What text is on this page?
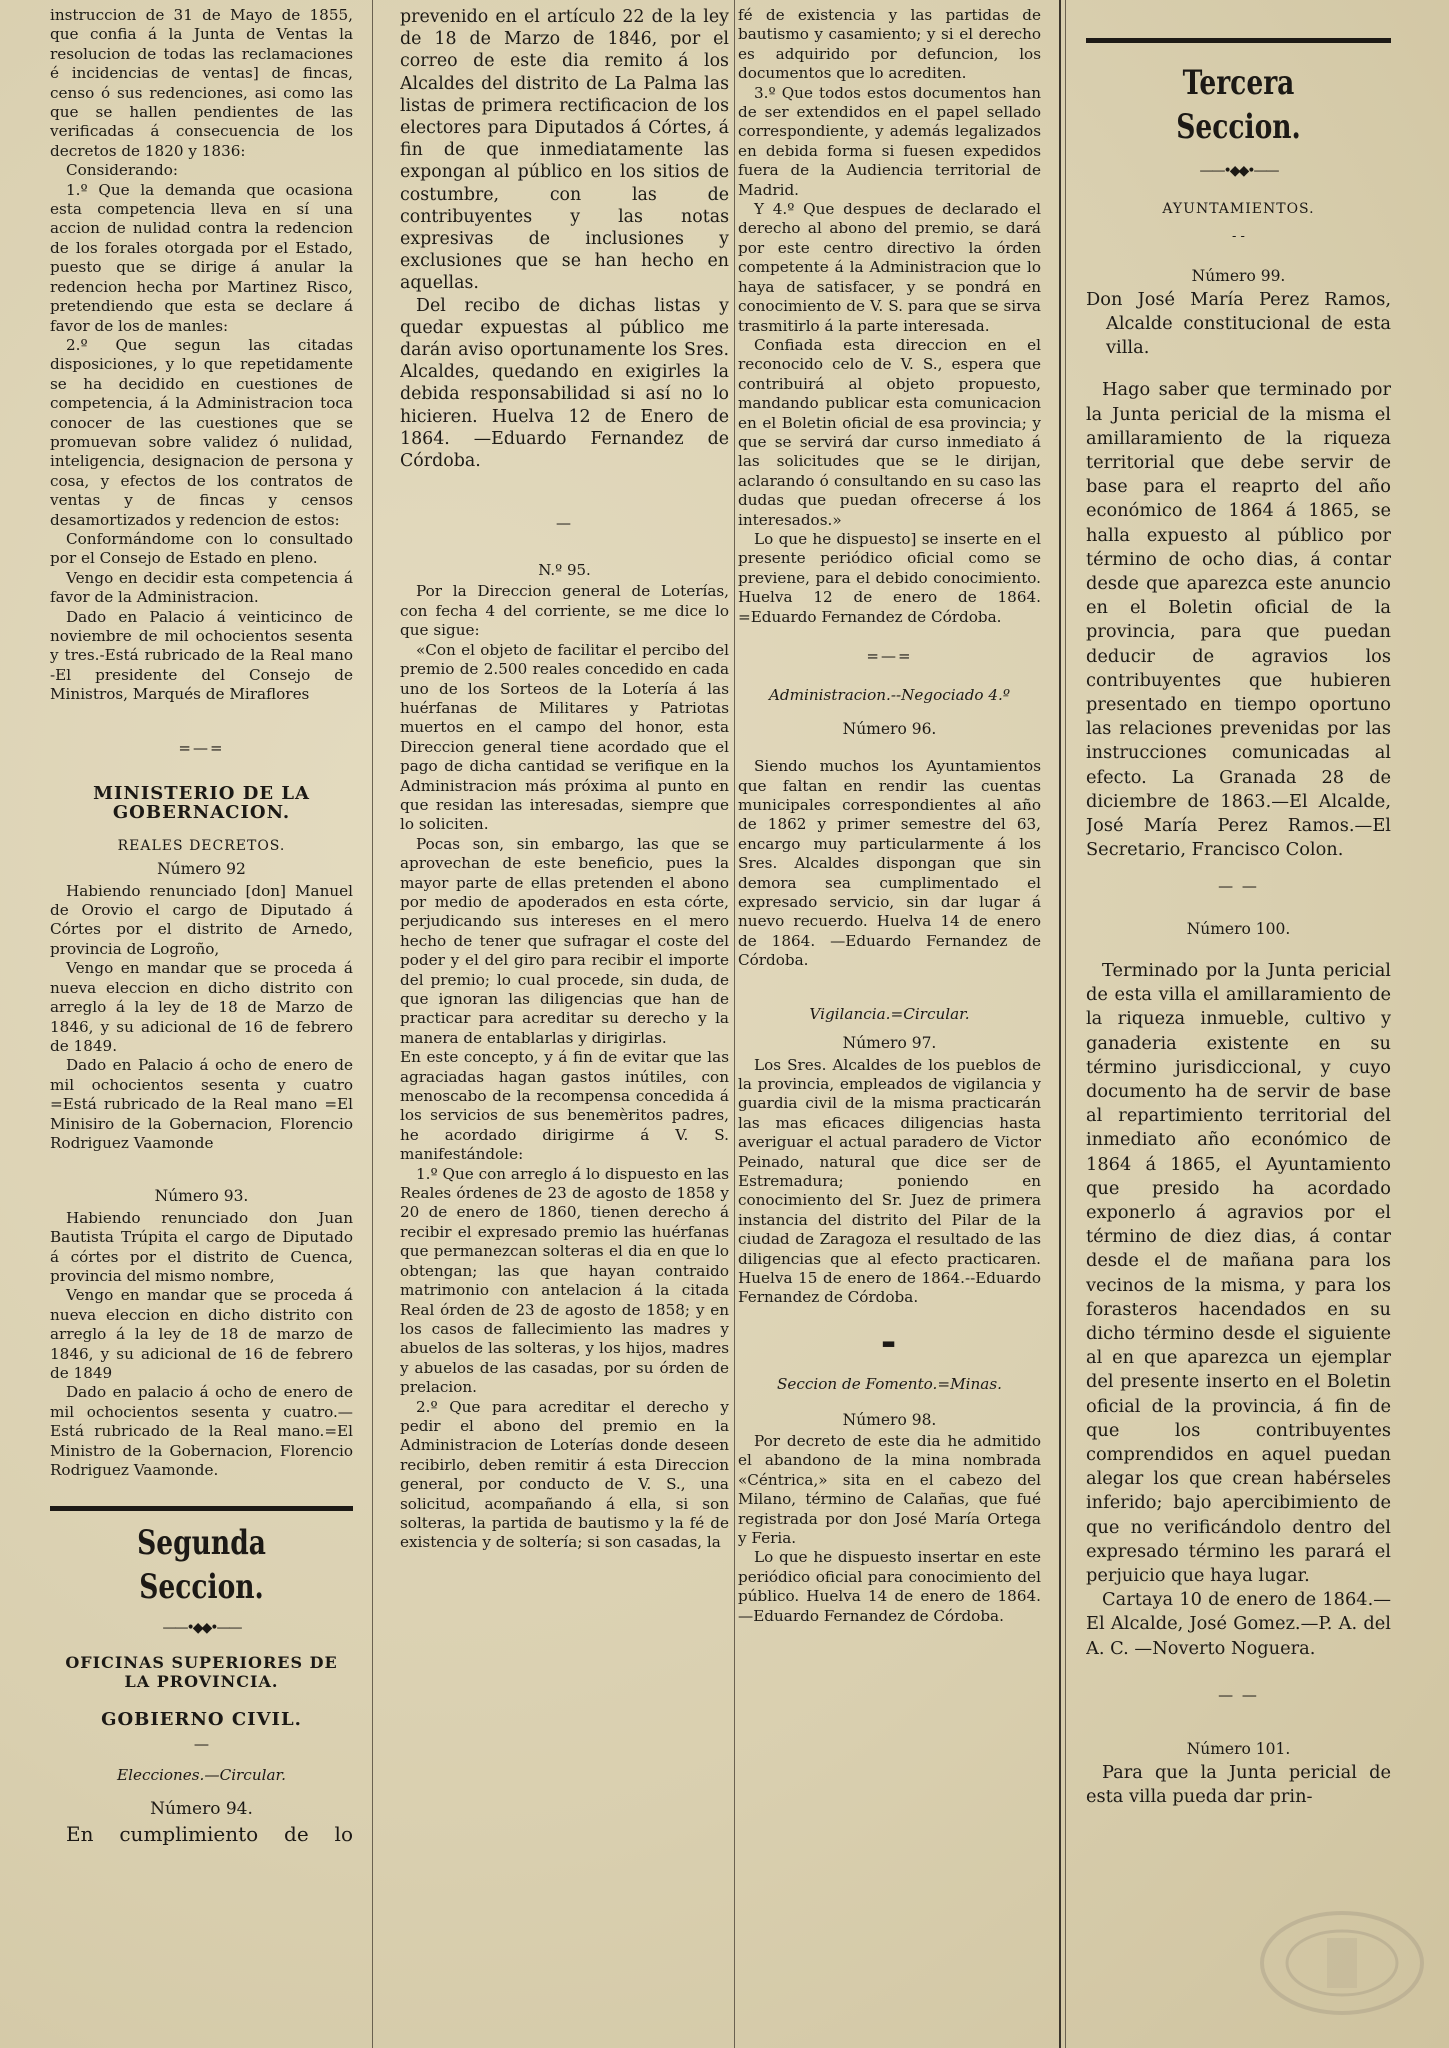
instruccion de 31 de Mayo de 1855, que confia á la Junta de Ventas la resolucion de todas las reclamaciones é incidencias de ventas] de fincas, censo ó sus redenciones, asi como las que se hallen pendientes de las verificadas á consecuencia de los decretos de 1820 y 1836:

Considerando:

1.º Que la demanda que ocasiona esta competencia lleva en sí una accion de nulidad contra la redencion de los forales otorgada por el Estado, puesto que se dirige á anular la redencion hecha por Martinez Risco, pretendiendo que esta se declare á favor de los de manles:

2.º Que segun las citadas disposiciones, y lo que repetidamente se ha decidido en cuestiones de competencia, á la Administracion toca conocer de las cuestiones que se promuevan sobre validez ó nulidad, inteligencia, designacion de persona y cosa, y efectos de los contratos de ventas y de fincas y censos desamortizados y redencion de estos:

Conformándome con lo consultado por el Consejo de Estado en pleno.

Vengo en decidir esta competencia á favor de la Administracion.

Dado en Palacio á veinticinco de noviembre de mil ochocientos sesenta y tres.-Está rubricado de la Real mano -El presidente del Consejo de Ministros, Marqués de Miraflores

=—=
MINISTERIO DE LA GOBERNACION.
REALES DECRETOS.
Número 92

Habiendo renunciado [don] Manuel de Orovio el cargo de Diputado á Córtes por el distrito de Arnedo, provincia de Logroño,

Vengo en mandar que se proceda á nueva eleccion en dicho distrito con arreglo á la ley de 18 de Marzo de 1846, y su adicional de 16 de febrero de 1849.

Dado en Palacio á ocho de enero de mil ochocientos sesenta y cuatro =Está rubricado de la Real mano =El Minisiro de la Gobernacion, Florencio Rodriguez Vaamonde

Número 93.

Habiendo renunciado don Juan Bautista Trúpita el cargo de Diputado á córtes por el distrito de Cuenca, provincia del mismo nombre,

Vengo en mandar que se proceda á nueva eleccion en dicho distrito con arreglo á la ley de 18 de marzo de 1846, y su adicional de 16 de febrero de 1849

Dado en palacio á ocho de enero de mil ochocientos sesenta y cuatro.—Está rubricado de la Real mano.=El Ministro de la Gobernacion, Florencio Rodriguez Vaamonde.

Segunda Seccion.
——•◆◆•——
OFICINAS SUPERIORES DE LA PROVINCIA.
GOBIERNO CIVIL.
—
Elecciones.—Circular.
Número 94.

En cumplimiento de lo

prevenido en el artículo 22 de la ley de 18 de Marzo de 1846, por el correo de este dia remito á los Alcaldes del distrito de La Palma las listas de primera rectificacion de los electores para Diputados á Córtes, á fin de que inmediatamente las expongan al público en los sitios de costumbre, con las de contribuyentes y las notas expresivas de inclusiones y exclusiones que se han hecho en aquellas.

Del recibo de dichas listas y quedar expuestas al público me darán aviso oportunamente los Sres. Alcaldes, quedando en exigirles la debida responsabilidad si así no lo hicieren. Huelva 12 de Enero de 1864. —Eduardo Fernandez de Córdoba.

—
N.º 95.

Por la Direccion general de Loterías, con fecha 4 del corriente, se me dice lo que sigue:

«Con el objeto de facilitar el percibo del premio de 2.500 reales concedido en cada uno de los Sorteos de la Lotería á las huérfanas de Militares y Patriotas muertos en el campo del honor, esta Direccion general tiene acordado que el pago de dicha cantidad se verifique en la Administracion más próxima al punto en que residan las interesadas, siempre que lo soliciten.

Pocas son, sin embargo, las que se aprovechan de este beneficio, pues la mayor parte de ellas pretenden el abono por medio de apoderados en esta córte, perjudicando sus intereses en el mero hecho de tener que sufragar el coste del poder y el del giro para recibir el importe del premio; lo cual procede, sin duda, de que ignoran las diligencias que han de practicar para acreditar su derecho y la manera de entablarlas y dirigirlas.

En este concepto, y á fin de evitar que las agraciadas hagan gastos inútiles, con menoscabo de la recompensa concedida á los servicios de sus benemèritos padres, he acordado dirigirme á V. S. manifestándole:

1.º Que con arreglo á lo dispuesto en las Reales órdenes de 23 de agosto de 1858 y 20 de enero de 1860, tienen derecho á recibir el expresado premio las huérfanas que permanezcan solteras el dia en que lo obtengan; las que hayan contraido matrimonio con antelacion á la citada Real órden de 23 de agosto de 1858; y en los casos de fallecimiento las madres y abuelos de las solteras, y los hijos, madres y abuelos de las casadas, por su órden de prelacion.

2.º Que para acreditar el derecho y pedir el abono del premio en la Administracion de Loterías donde deseen recibirlo, deben remitir á esta Direccion general, por conducto de V. S., una solicitud, acompañando á ella, si son solteras, la partida de bautismo y la fé de existencia y de soltería; si son casadas, la

fé de existencia y las partidas de bautismo y casamiento; y si el derecho es adquirido por defuncion, los documentos que lo acrediten.

3.º Que todos estos documentos han de ser extendidos en el papel sellado correspondiente, y además legalizados en debida forma si fuesen expedidos fuera de la Audiencia territorial de Madrid.

Y 4.º Que despues de declarado el derecho al abono del premio, se dará por este centro directivo la órden competente á la Administracion que lo haya de satisfacer, y se pondrá en conocimiento de V. S. para que se sirva trasmitirlo á la parte interesada.

Confiada esta direccion en el reconocido celo de V. S., espera que contribuirá al objeto propuesto, mandando publicar esta comunicacion en el Boletin oficial de esa provincia; y que se servirá dar curso inmediato á las solicitudes que se le dirijan, aclarando ó consultando en su caso las dudas que puedan ofrecerse á los interesados.»

Lo que he dispuesto] se inserte en el presente periódico oficial como se previene, para el debido conocimiento. Huelva 12 de enero de 1864. =Eduardo Fernandez de Córdoba.

=—=
Administracion.--Negociado 4.º
Número 96.

Siendo muchos los Ayuntamientos que faltan en rendir las cuentas municipales correspondientes al año de 1862 y primer semestre del 63, encargo muy particularmente á los Sres. Alcaldes dispongan que sin demora sea cumplimentado el expresado servicio, sin dar lugar á nuevo recuerdo. Huelva 14 de enero de 1864. —Eduardo Fernandez de Córdoba.

Vigilancia.=Circular.
Número 97.

Los Sres. Alcaldes de los pueblos de la provincia, empleados de vigilancia y guardia civil de la misma practicarán las mas eficaces diligencias hasta averiguar el actual paradero de Victor Peinado, natural que dice ser de Estremadura; poniendo en conocimiento del Sr. Juez de primera instancia del distrito del Pilar de la ciudad de Zaragoza el resultado de las diligencias que al efecto practicaren. Huelva 15 de enero de 1864.--Eduardo Fernandez de Córdoba.

▬
Seccion de Fomento.=Minas.
Número 98.

Por decreto de este dia he admitido el abandono de la mina nombrada «Céntrica,» sita en el cabezo del Milano, término de Calañas, que fué registrada por don José María Ortega y Feria.

Lo que he dispuesto insertar en este periódico oficial para conocimiento del público. Huelva 14 de enero de 1864. —Eduardo Fernandez de Córdoba.

Tercera Seccion.
——•◆◆•——
AYUNTAMIENTOS.
- -
Número 99.

Don José María Perez Ramos, Alcalde constitucional de esta villa.

Hago saber que terminado por la Junta pericial de la misma el amillaramiento de la riqueza territorial que debe servir de base para el reaprto del año económico de 1864 á 1865, se halla expuesto al público por término de ocho dias, á contar desde que aparezca este anuncio en el Boletin oficial de la provincia, para que puedan deducir de agravios los contribuyentes que hubieren presentado en tiempo oportuno las relaciones prevenidas por las instrucciones comunicadas al efecto. La Granada 28 de diciembre de 1863.—El Alcalde, José María Perez Ramos.—El Secretario, Francisco Colon.

— —
Número 100.

Terminado por la Junta pericial de esta villa el amillaramiento de la riqueza inmueble, cultivo y ganaderia existente en su término jurisdiccional, y cuyo documento ha de servir de base al repartimiento territorial del inmediato año económico de 1864 á 1865, el Ayuntamiento que presido ha acordado exponerlo á agravios por el término de diez dias, á contar desde el de mañana para los vecinos de la misma, y para los forasteros hacendados en su dicho término desde el siguiente al en que aparezca un ejemplar del presente inserto en el Boletin oficial de la provincia, á fin de que los contribuyentes comprendidos en aquel puedan alegar los que crean habérseles inferido; bajo apercibimiento de que no verificándolo dentro del expresado término les parará el perjuicio que haya lugar.

Cartaya 10 de enero de 1864.—El Alcalde, José Gomez.—P. A. del A. C. —Noverto Noguera.

— —
Número 101.

Para que la Junta pericial de esta villa pueda dar prin-
